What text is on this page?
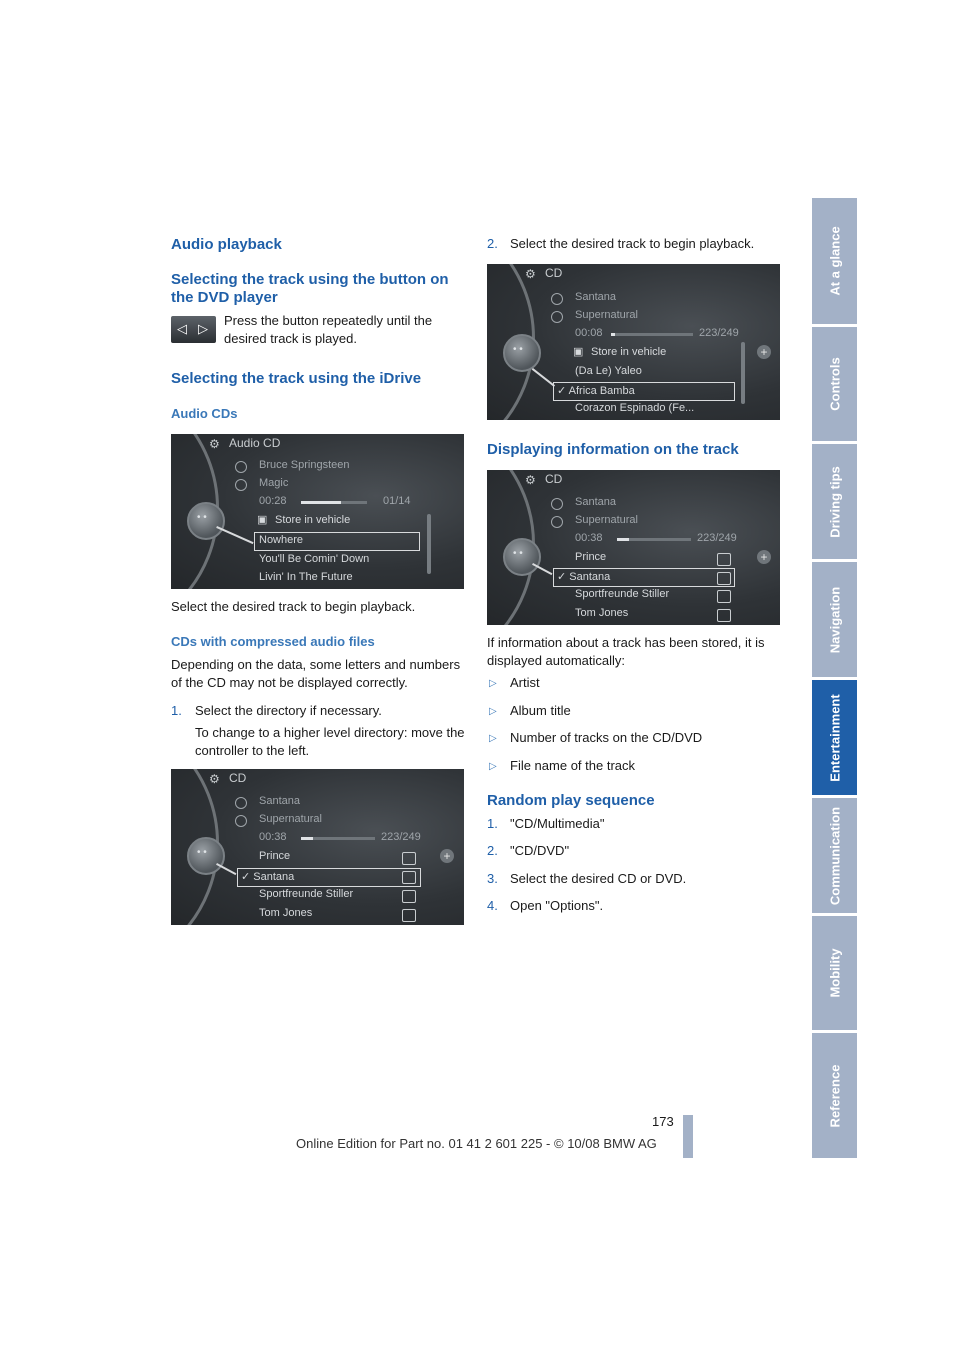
Audio playback
Selecting the track using the button on the DVD player
◁ ▷
Press the button repeatedly until the desired track is played.
Selecting the track using the iDrive
Audio CDs
• •
⚙ Audio CD
Bruce Springsteen
Magic
00:28	01/14
▣ Store in vehicle
Nowhere
You'll Be Comin' Down
Livin' In The Future
Select the desired track to begin playback.
CDs with compressed audio files
Depending on the data, some letters and numbers of the CD may not be displayed correctly.
1. Select the directory if necessary.
To change to a higher level directory: move the controller to the left.
• •
⚙ CD
Santana
Supernatural
00:38	223/249
Prince
✓ Santana
Sportfreunde Stiller
Tom Jones
+
2. Select the desired track to begin playback.
• •
⚙ CD
Santana
Supernatural
00:08	223/249
▣ Store in vehicle
(Da Le) Yaleo
✓ Africa Bamba
Corazon Espinado (Fe...
+
Displaying information on the track
• •
⚙ CD
Santana
Supernatural
00:38	223/249
Prince
✓ Santana
Sportfreunde Stiller
Tom Jones
+
If information about a track has been stored, it is displayed automatically:
▷ Artist
▷ Album title
▷ Number of tracks on the CD/DVD
▷ File name of the track
Random play sequence
1. "CD/Multimedia"
2. "CD/DVD"
3. Select the desired CD or DVD.
4. Open "Options".
At a glance
Controls
Driving tips
Navigation
Entertainment
Communication
Mobility
Reference
173
Online Edition for Part no. 01 41 2 601 225 - © 10/08 BMW AG
